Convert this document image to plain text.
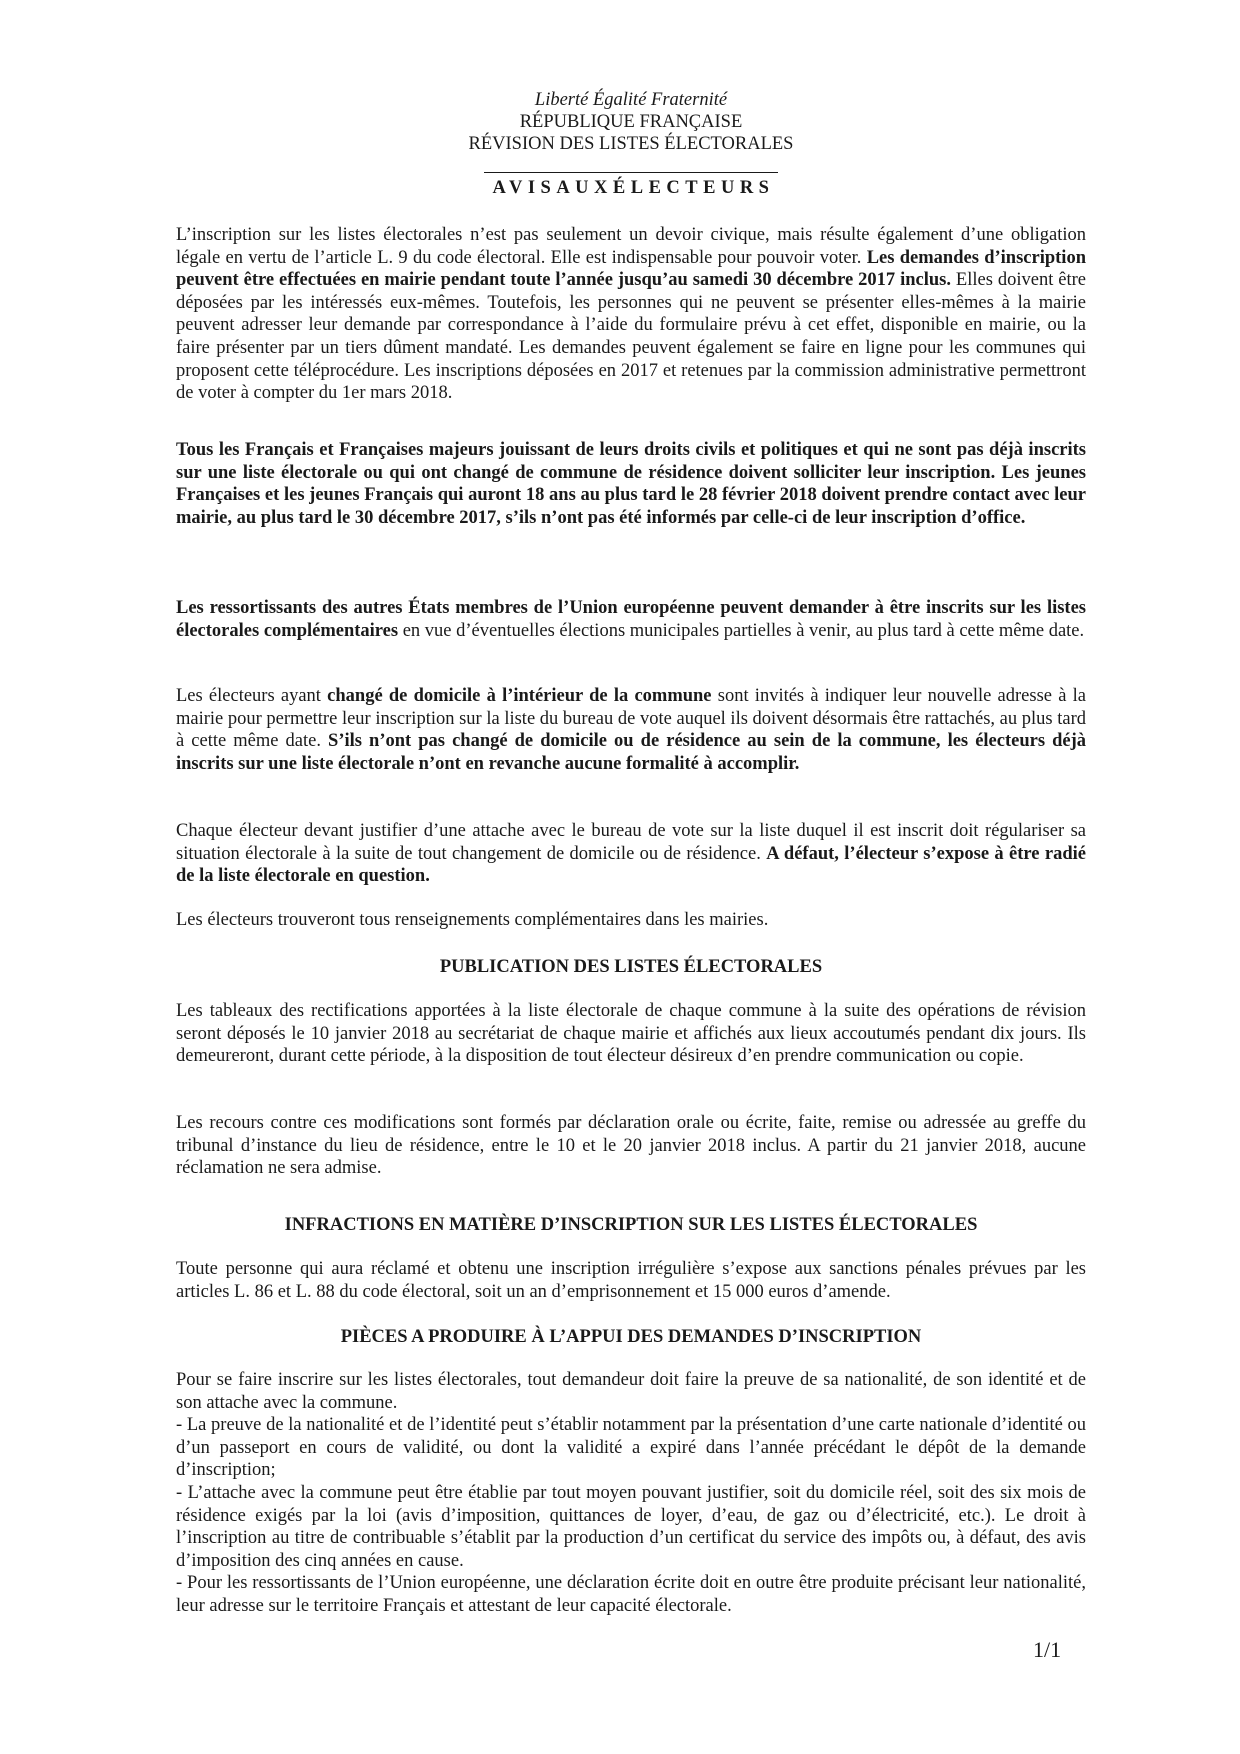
Liberté Égalité Fraternité
RÉPUBLIQUE FRANÇAISE
RÉVISION DES LISTES ÉLECTORALES
AVISAUXÉLECTEURS

L’inscription sur les listes électorales n’est pas seulement un devoir civique, mais résulte également d’une obligation légale en vertu de l’article L. 9 du code électoral. Elle est indispensable pour pouvoir voter. Les demandes d’inscription peuvent être effectuées en mairie pendant toute l’année jusqu’au samedi 30 décembre 2017 inclus. Elles doivent être déposées par les intéressés eux-mêmes. Toutefois, les personnes qui ne peuvent se présenter elles-mêmes à la mairie peuvent adresser leur demande par correspondance à l’aide du formulaire prévu à cet effet, disponible en mairie, ou la faire présenter par un tiers dûment mandaté. Les demandes peuvent également se faire en ligne pour les communes qui proposent cette téléprocédure. Les inscriptions déposées en 2017 et retenues par la commission administrative permettront de voter à compter du 1er mars 2018.

Tous les Français et Françaises majeurs jouissant de leurs droits civils et politiques et qui ne sont pas déjà inscrits sur une liste électorale ou qui ont changé de commune de résidence doivent solliciter leur inscription. Les jeunes Françaises et les jeunes Français qui auront 18 ans au plus tard le 28 février 2018 doivent prendre contact avec leur mairie, au plus tard le 30 décembre 2017, s’ils n’ont pas été informés par celle-ci de leur inscription d’office.

Les ressortissants des autres États membres de l’Union européenne peuvent demander à être inscrits sur les listes électorales complémentaires en vue d’éventuelles élections municipales partielles à venir, au plus tard à cette même date.

Les électeurs ayant changé de domicile à l’intérieur de la commune sont invités à indiquer leur nouvelle adresse à la mairie pour permettre leur inscription sur la liste du bureau de vote auquel ils doivent désormais être rattachés, au plus tard à cette même date. S’ils n’ont pas changé de domicile ou de résidence au sein de la commune, les électeurs déjà inscrits sur une liste électorale n’ont en revanche aucune formalité à accomplir.

Chaque électeur devant justifier d’une attache avec le bureau de vote sur la liste duquel il est inscrit doit régulariser sa situation électorale à la suite de tout changement de domicile ou de résidence. A défaut, l’électeur s’expose à être radié de la liste électorale en question.

Les électeurs trouveront tous renseignements complémentaires dans les mairies.

PUBLICATION DES LISTES ÉLECTORALES

Les tableaux des rectifications apportées à la liste électorale de chaque commune à la suite des opérations de révision seront déposés le 10 janvier 2018 au secrétariat de chaque mairie et affichés aux lieux accoutumés pendant dix jours. Ils demeureront, durant cette période, à la disposition de tout électeur désireux d’en prendre communication ou copie.

Les recours contre ces modifications sont formés par déclaration orale ou écrite, faite, remise ou adressée au greffe du tribunal d’instance du lieu de résidence, entre le 10 et le 20 janvier 2018 inclus. A partir du 21 janvier 2018, aucune réclamation ne sera admise.

INFRACTIONS EN MATIÈRE D’INSCRIPTION SUR LES LISTES ÉLECTORALES

Toute personne qui aura réclamé et obtenu une inscription irrégulière s’expose aux sanctions pénales prévues par les articles L. 86 et L. 88 du code électoral, soit un an d’emprisonnement et 15 000 euros d’amende.

PIÈCES A PRODUIRE À L’APPUI DES DEMANDES D’INSCRIPTION

Pour se faire inscrire sur les listes électorales, tout demandeur doit faire la preuve de sa nationalité, de son identité et de son attache avec la commune.
- La preuve de la nationalité et de l’identité peut s’établir notamment par la présentation d’une carte nationale d’identité ou d’un passeport en cours de validité, ou dont la validité a expiré dans l’année précédant le dépôt de la demande d’inscription;
- L’attache avec la commune peut être établie par tout moyen pouvant justifier, soit du domicile réel, soit des six mois de résidence exigés par la loi (avis d’imposition, quittances de loyer, d’eau, de gaz ou d’électricité, etc.). Le droit à l’inscription au titre de contribuable s’établit par la production d’un certificat du service des impôts ou, à défaut, des avis d’imposition des cinq années en cause.
- Pour les ressortissants de l’Union européenne, une déclaration écrite doit en outre être produite précisant leur nationalité, leur adresse sur le territoire Français et attestant de leur capacité électorale.

1/1
